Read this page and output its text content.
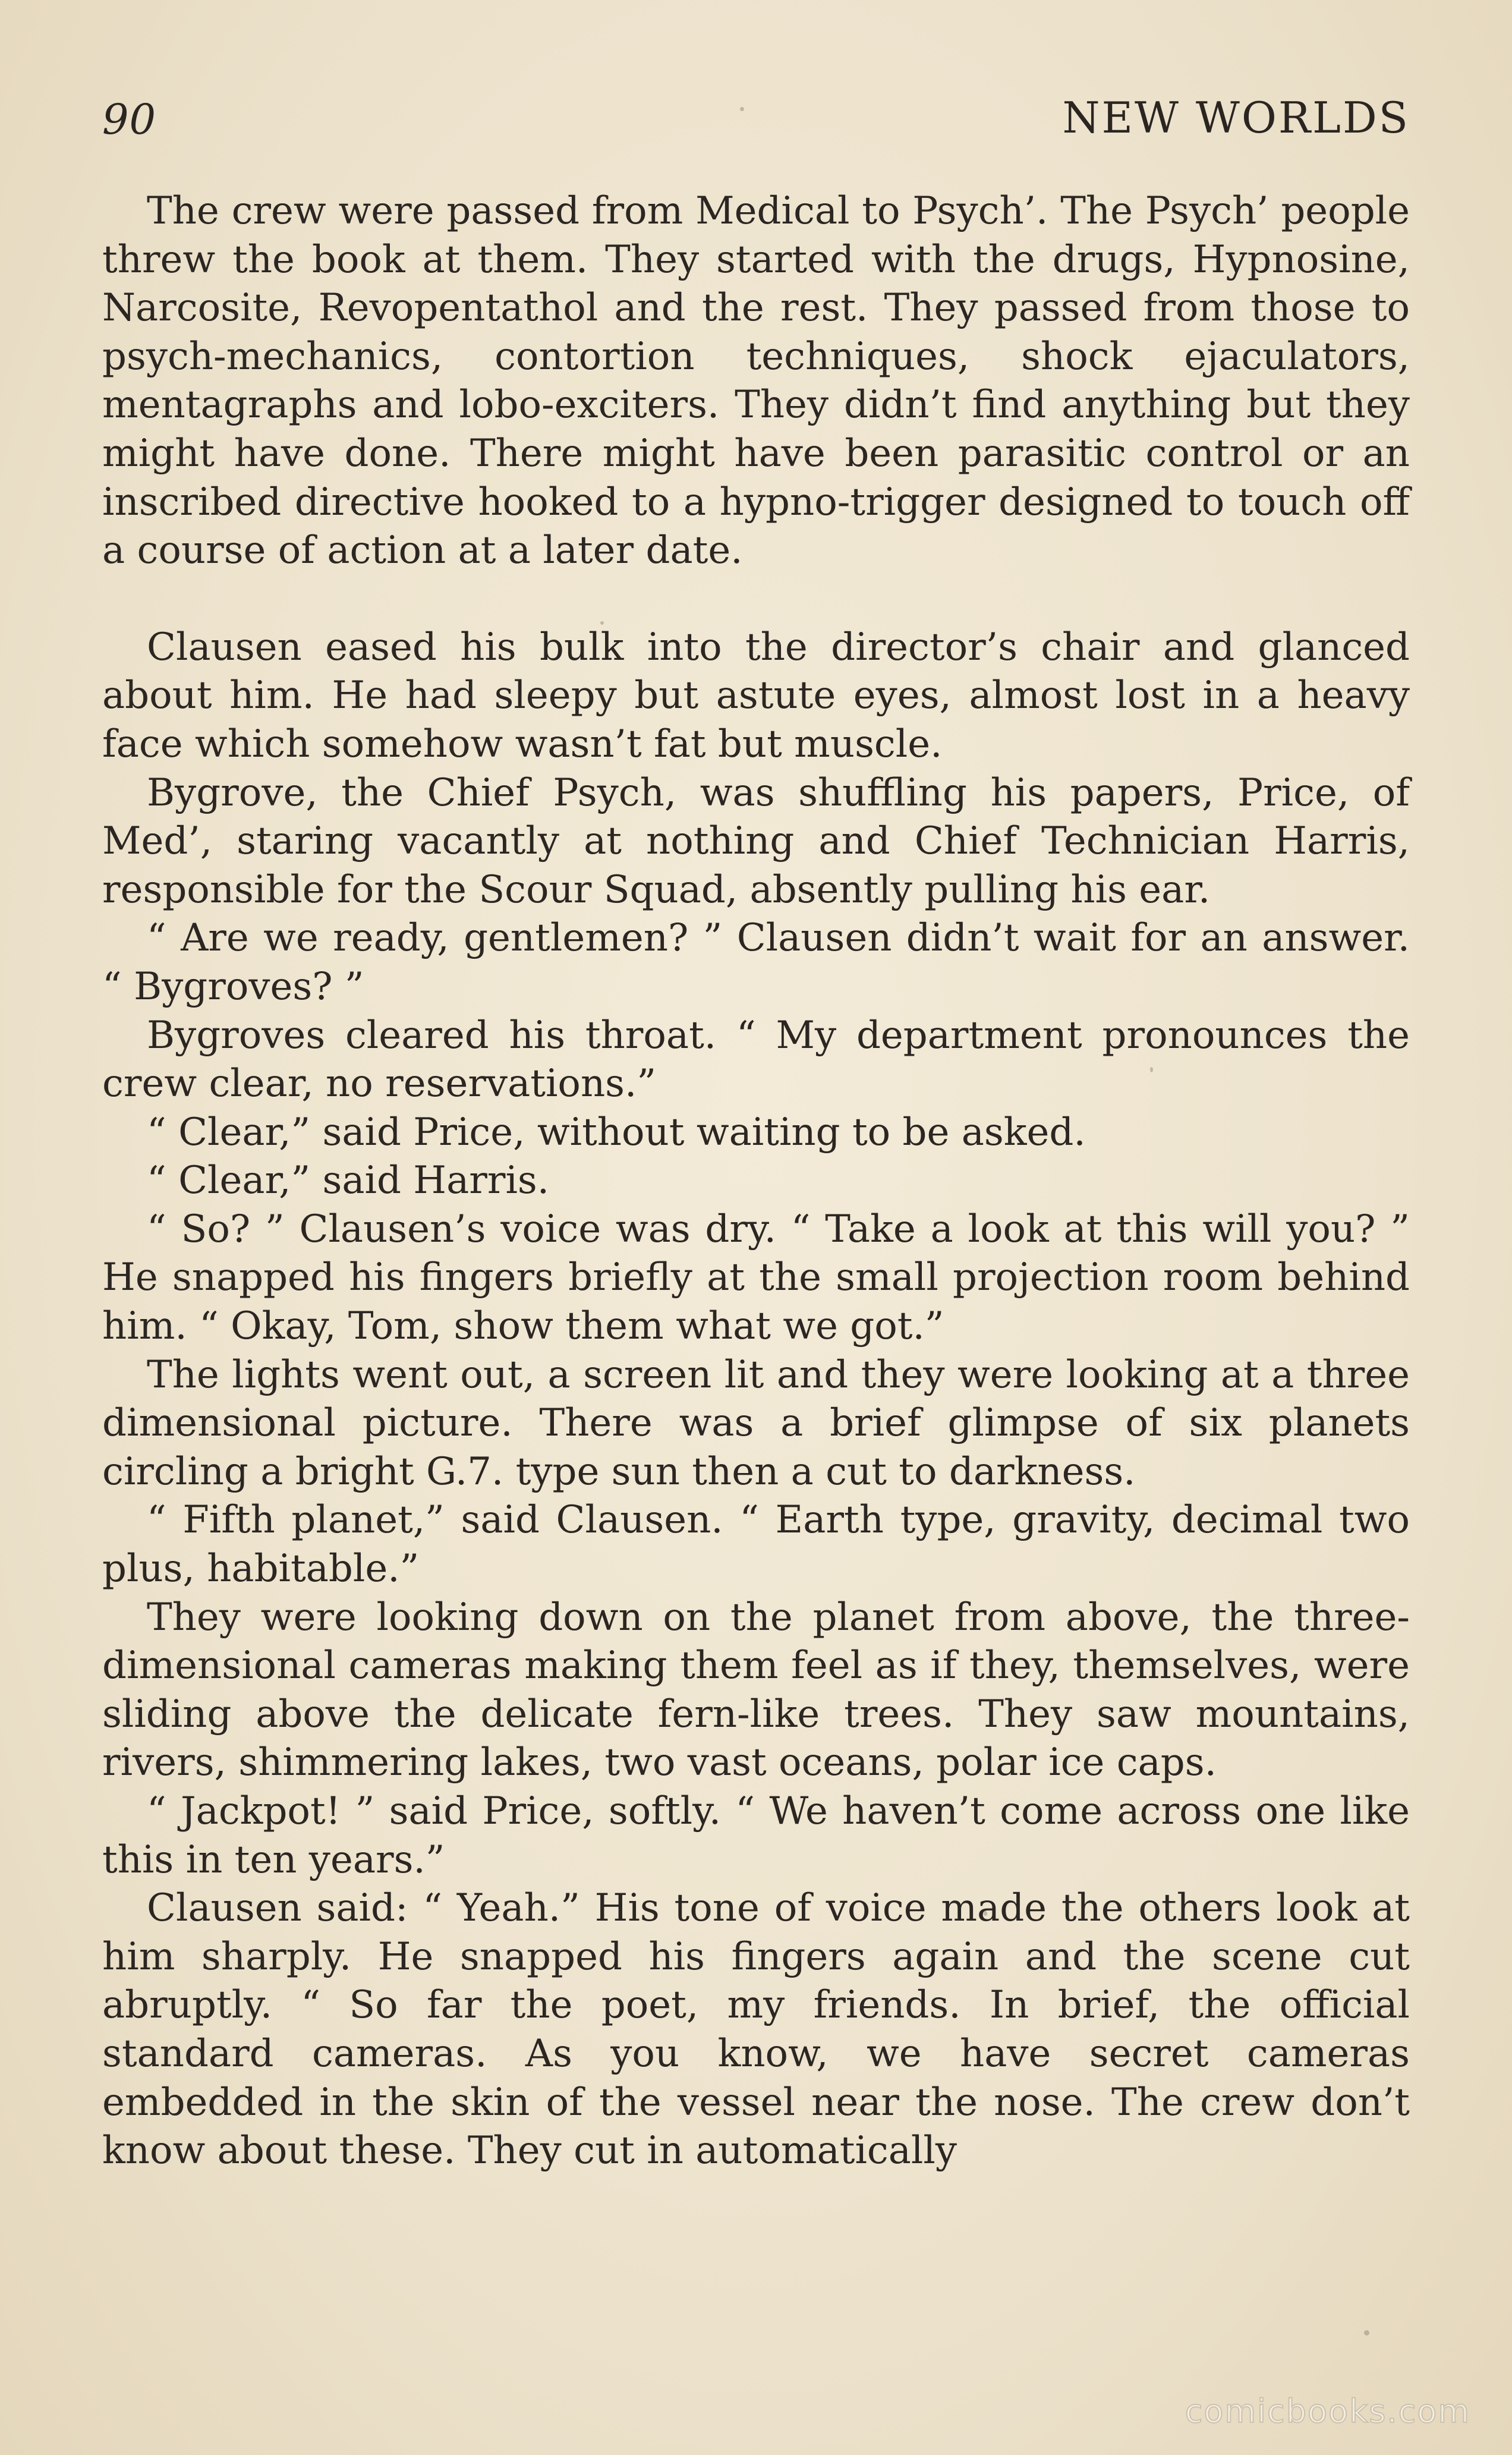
90	NEW WORLDS

The crew were passed from Medical to Psych’. The Psych’ people threw the book at them. They started with the drugs, Hypnosine, Narcosite, Revopentathol and the rest. They passed from those to psych-mechanics, contortion techniques, shock ejaculators, mentagraphs and lobo-exciters. They didn’t find anything but they might have done. There might have been parasitic control or an inscribed directive hooked to a hypno-trigger designed to touch off a course of action at a later date.

Clausen eased his bulk into the director’s chair and glanced about him. He had sleepy but astute eyes, almost lost in a heavy face which somehow wasn’t fat but muscle.

Bygrove, the Chief Psych, was shuffling his papers, Price, of Med’, staring vacantly at nothing and Chief Technician Harris, responsible for the Scour Squad, absently pulling his ear.

“ Are we ready, gentlemen? ” Clausen didn’t wait for an answer. “ Bygroves? ”

Bygroves cleared his throat. “ My department pronounces the crew clear, no reservations.”

“ Clear,” said Price, without waiting to be asked.

“ Clear,” said Harris.

“ So? ” Clausen’s voice was dry. “ Take a look at this will you? ” He snapped his fingers briefly at the small projection room behind him. “ Okay, Tom, show them what we got.”

The lights went out, a screen lit and they were looking at a three dimensional picture. There was a brief glimpse of six planets circling a bright G.7. type sun then a cut to darkness.

“ Fifth planet,” said Clausen. “ Earth type, gravity, decimal two plus, habitable.”

They were looking down on the planet from above, the three-dimensional cameras making them feel as if they, themselves, were sliding above the delicate fern-like trees. They saw mountains, rivers, shimmering lakes, two vast oceans, polar ice caps.

“ Jackpot! ” said Price, softly. “ We haven’t come across one like this in ten years.”

Clausen said: “ Yeah.” His tone of voice made the others look at him sharply. He snapped his fingers again and the scene cut abruptly. “ So far the poet, my friends. In brief, the official standard cameras. As you know, we have secret cameras embedded in the skin of the vessel near the nose. The crew don’t know about these. They cut in automatically

comicbooks.com
